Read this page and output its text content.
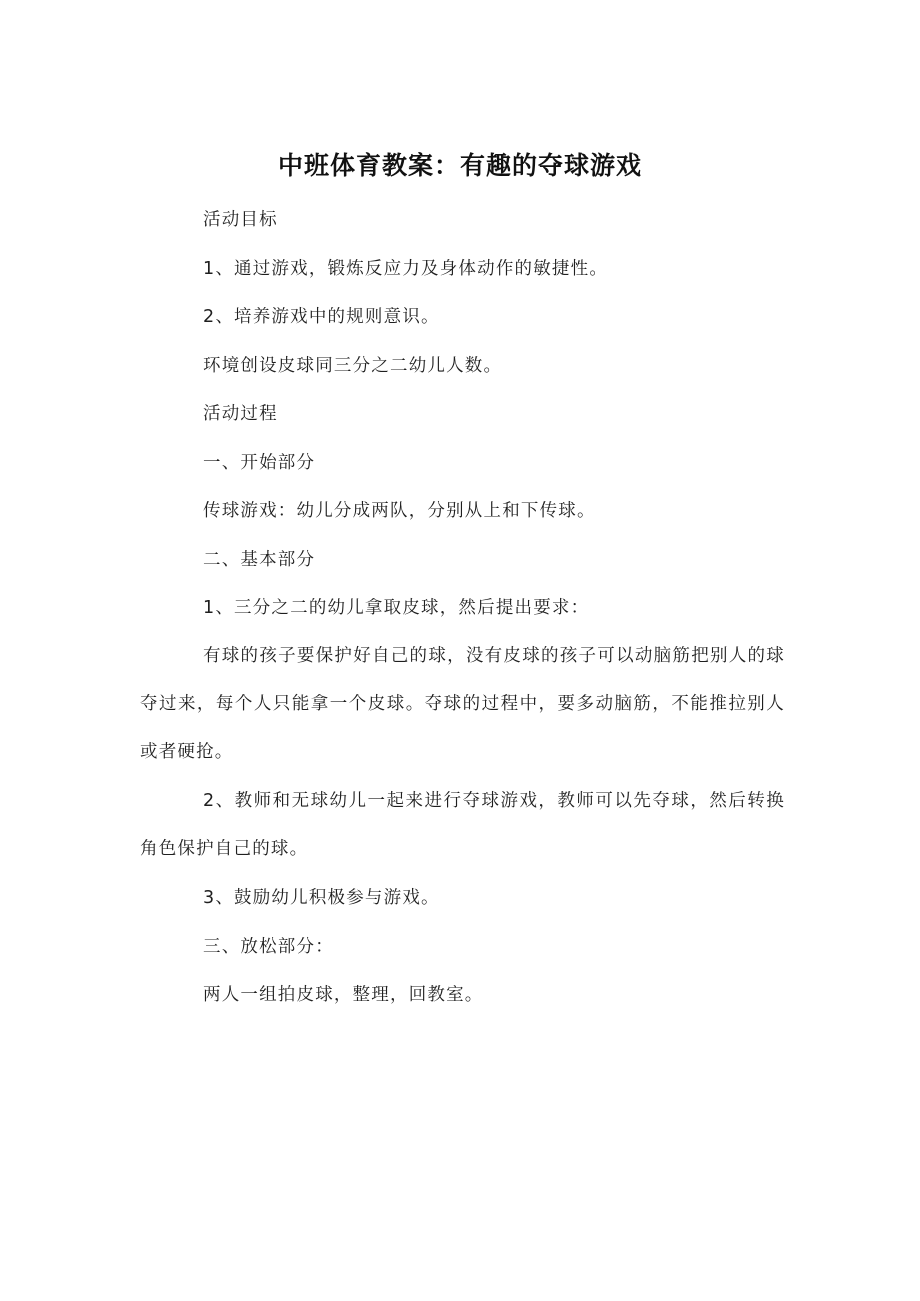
中班体育教案：有趣的夺球游戏
活动目标
1、通过游戏，锻炼反应力及身体动作的敏捷性。
2、培养游戏中的规则意识。
环境创设皮球同三分之二幼儿人数。
活动过程
一、开始部分
传球游戏：幼儿分成两队，分别从上和下传球。
二、基本部分
1、三分之二的幼儿拿取皮球，然后提出要求：
有球的孩子要保护好自己的球，没有皮球的孩子可以动脑筋把别人的球夺过来，每个人只能拿一个皮球。夺球的过程中，要多动脑筋，不能推拉别人或者硬抢。
2、教师和无球幼儿一起来进行夺球游戏，教师可以先夺球，然后转换角色保护自己的球。
3、鼓励幼儿积极参与游戏。
三、放松部分：
两人一组拍皮球，整理，回教室。
